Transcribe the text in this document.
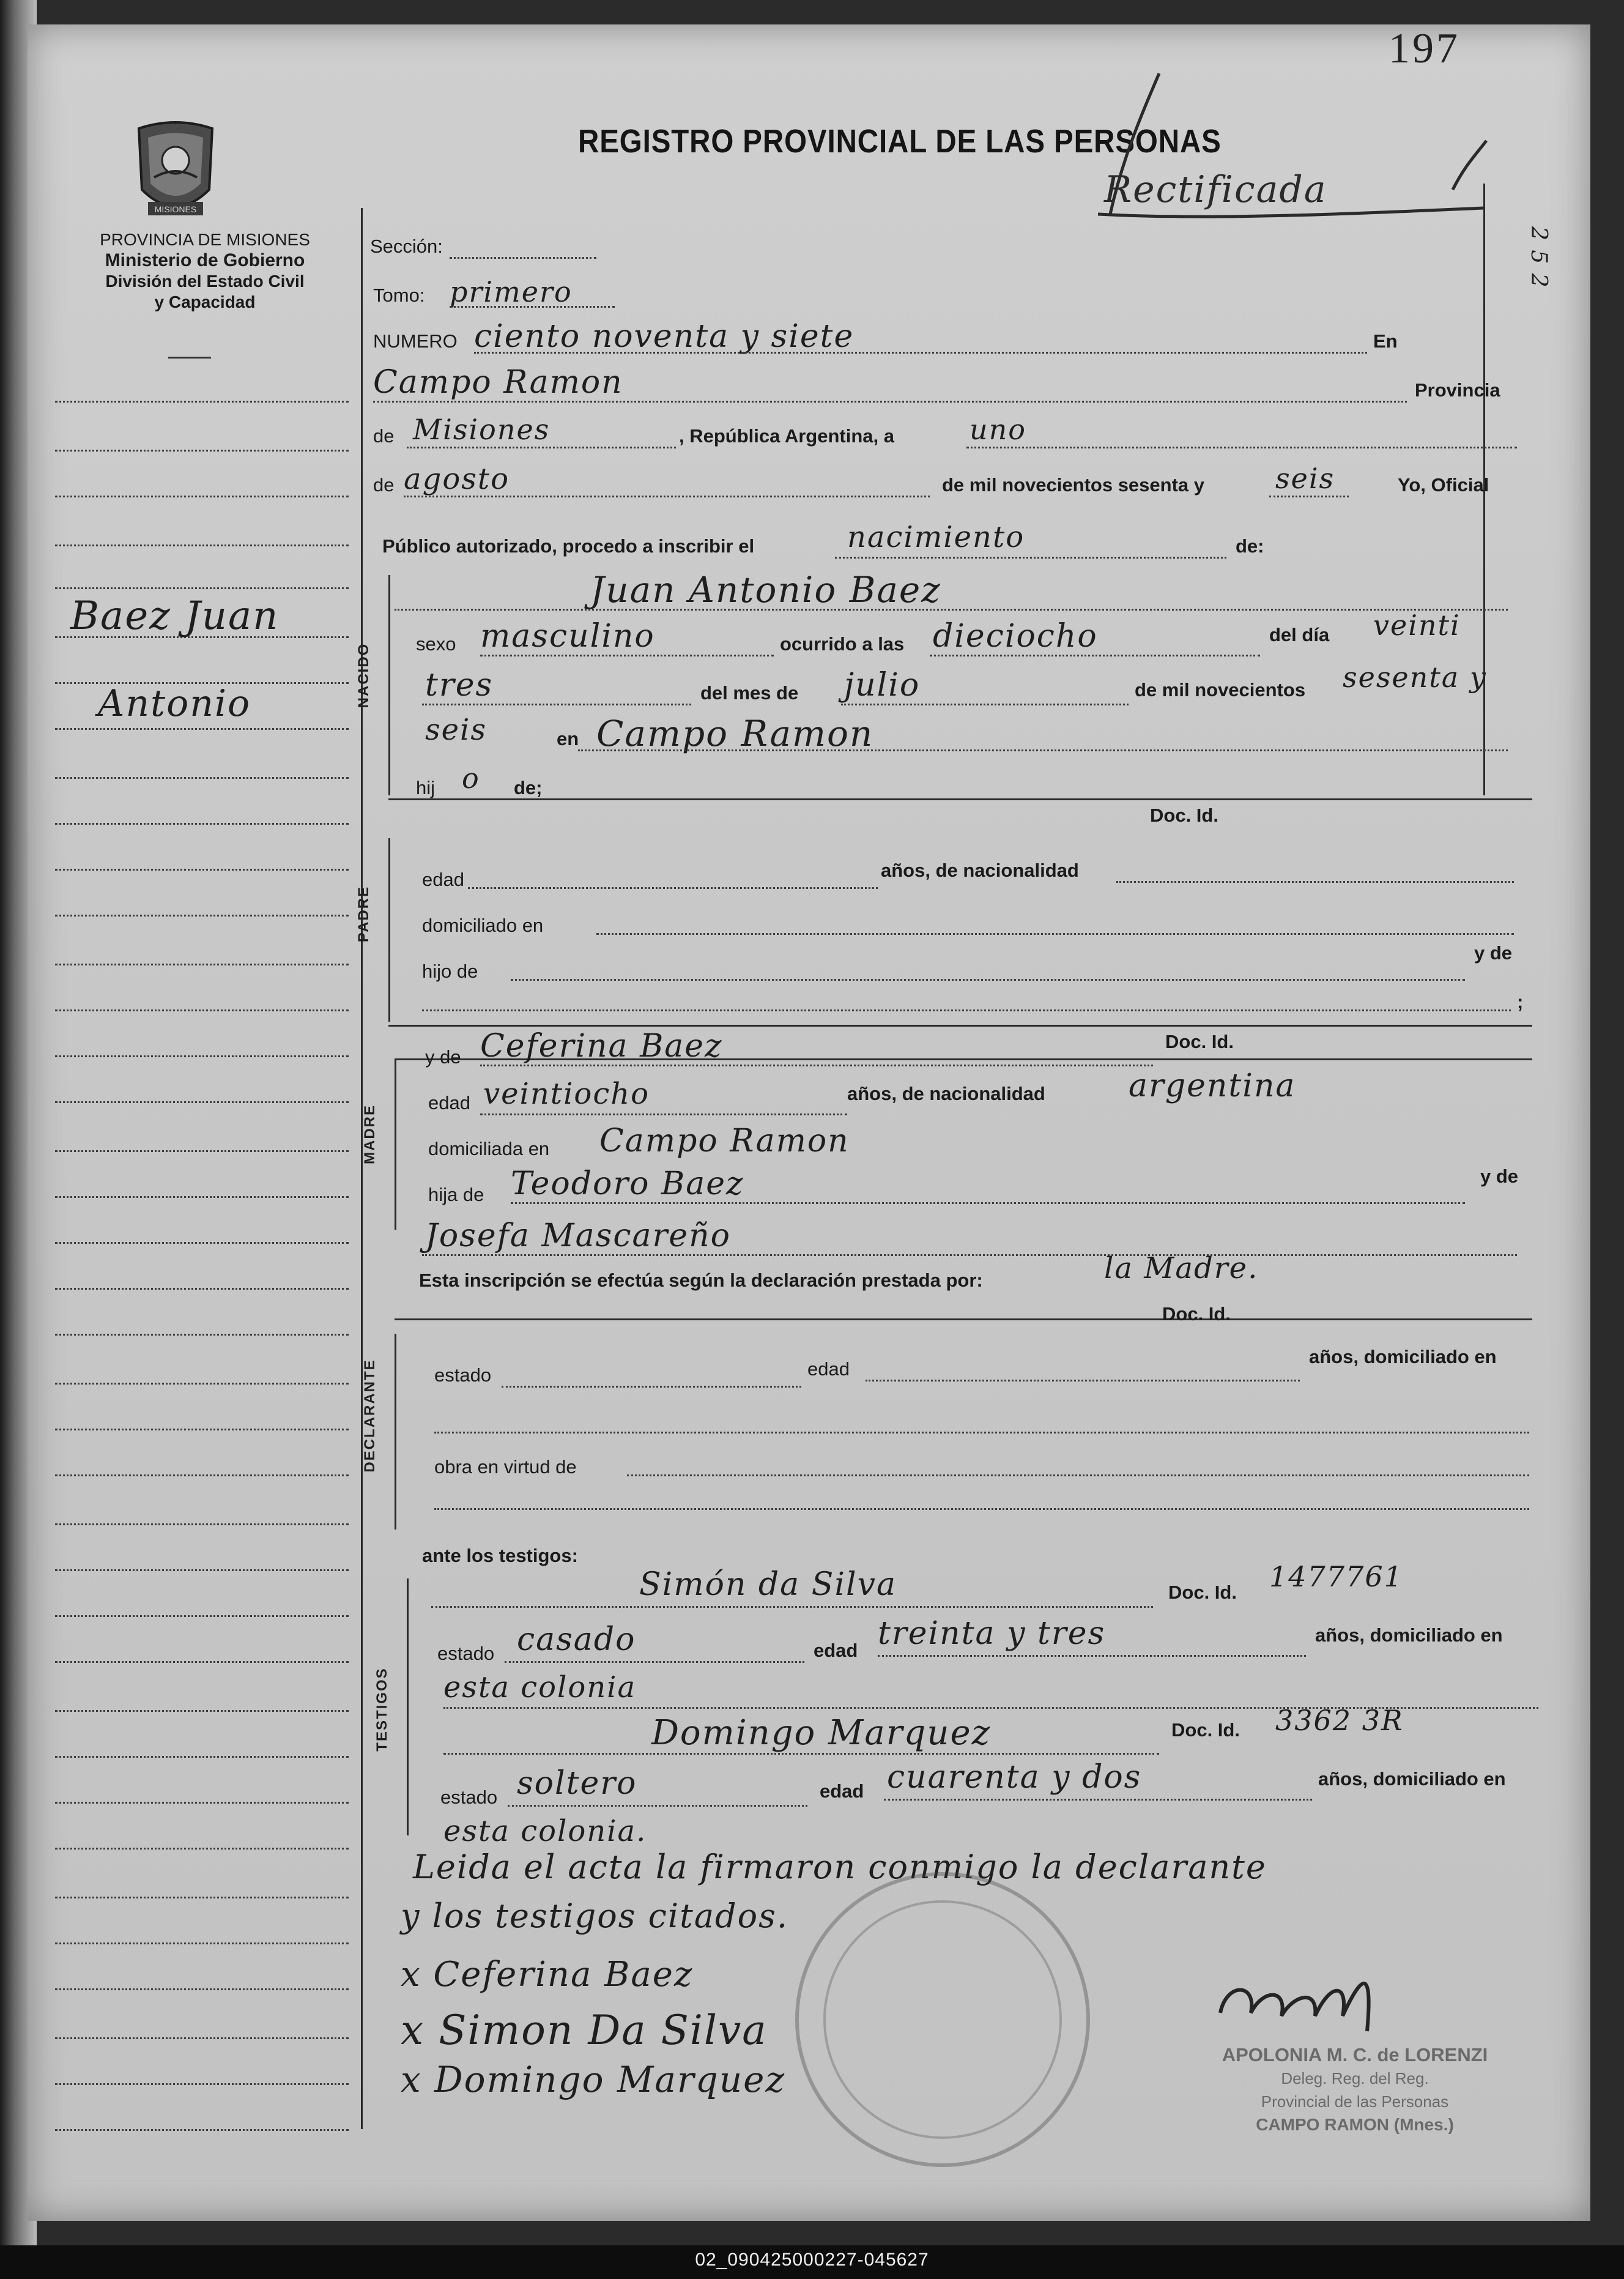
197
REGISTRO PROVINCIAL DE LAS PERSONAS
Rectificada
MISIONES
PROVINCIA DE MISIONES
Ministerio de Gobierno
División del Estado Civil
y Capacidad
Baez Juan
Antonio
2 5 2
NACIDO
PADRE
MADRE
DECLARANTE
TESTIGOS
Sección:
Tomo: primero
NUMERO ciento noventa y siete	En
Campo Ramon	Provincia
de Misiones	, República Argentina, a	uno
de agosto	de mil novecientos sesenta y	seis	Yo, Oficial
Público autorizado, procedo a inscribir el	nacimiento	de:
Juan Antonio Baez
sexo masculino	ocurrido a las dieciocho	del día veinti
tres	del mes de julio	de mil novecientos sesenta y
seis	en Campo Ramon
hij o de;
Doc. Id.
edad	años, de nacionalidad
domiciliado en
hijo de
y de
;
y de Ceferina Baez	Doc. Id.
edad veintiocho	años, de nacionalidad	argentina
domiciliada en Campo Ramon
hija de Teodoro Baez	y de
Josefa Mascareño
Esta inscripción se efectúa según la declaración prestada por:	la Madre.
Doc. Id.
estado	edad
años, domiciliado en
obra en virtud de
ante los testigos:
Simón da Silva	Doc. Id. 1477761
estado casado	edad treinta y tres	años, domiciliado en
esta colonia
Domingo Marquez	Doc. Id. 3362 3R
estado soltero	edad cuarenta y dos	años, domiciliado en
esta colonia.
Leida el acta la firmaron conmigo la declarante
y los testigos citados.
x Ceferina Baez
x Simon Da Silva
x Domingo Marquez
APOLONIA M. C. de LORENZI
Deleg. Reg. del Reg.
Provincial de las Personas
CAMPO RAMON (Mnes.)
02_090425000227-045627
